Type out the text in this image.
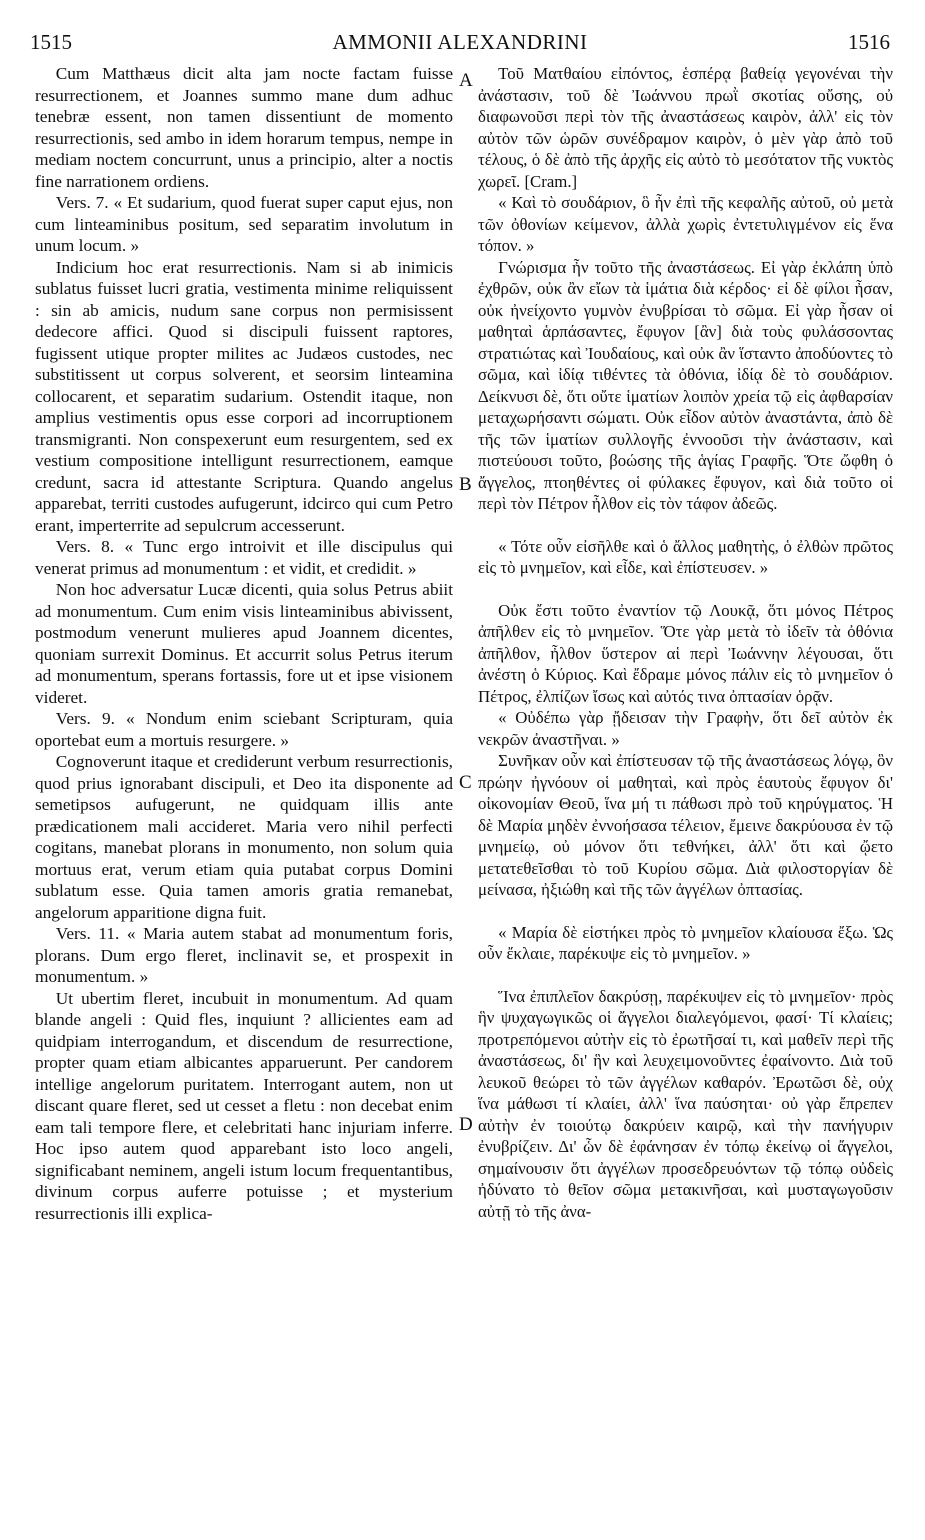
1515	AMMONII ALEXANDRINI	1516
A
B
C
D

Cum Matthæus dicit alta jam nocte factam fuisse resurrectionem, et Joannes summo mane dum adhuc tenebræ essent, non tamen dissentiunt de momento resurrectionis, sed ambo in idem horarum tempus, nempe in mediam noctem concurrunt, unus a principio, alter a noctis fine narrationem ordiens.

Vers. 7. « Et sudarium, quod fuerat super caput ejus, non cum linteaminibus positum, sed separatim involutum in unum locum. »

Indicium hoc erat resurrectionis. Nam si ab inimicis sublatus fuisset lucri gratia, vestimenta minime reliquissent : sin ab amicis, nudum sane corpus non permisissent dedecore affici. Quod si discipuli fuissent raptores, fugissent utique propter milites ac Judæos custodes, nec substitissent ut corpus solverent, et seorsim linteamina collocarent, et separatim sudarium. Ostendit itaque, non amplius vestimentis opus esse corpori ad incorruptionem transmigranti. Non conspexerunt eum resurgentem, sed ex vestium compositione intelligunt resurrectionem, eamque credunt, sacra id attestante Scriptura. Quando angelus apparebat, territi custodes aufugerunt, idcirco qui cum Petro erant, imperterrite ad sepulcrum accesserunt.

Vers. 8. « Tunc ergo introivit et ille discipulus qui venerat primus ad monumentum : et vidit, et credidit. »

Non hoc adversatur Lucæ dicenti, quia solus Petrus abiit ad monumentum. Cum enim visis linteaminibus abivissent, postmodum venerunt mulieres apud Joannem dicentes, quoniam surrexit Dominus. Et accurrit solus Petrus iterum ad monumentum, sperans fortassis, fore ut et ipse visionem videret.

Vers. 9. « Nondum enim sciebant Scripturam, quia oportebat eum a mortuis resurgere. »

Cognoverunt itaque et crediderunt verbum resurrectionis, quod prius ignorabant discipuli, et Deo ita disponente ad semetipsos aufugerunt, ne quidquam illis ante prædicationem mali accideret. Maria vero nihil perfecti cogitans, manebat plorans in monumento, non solum quia mortuus erat, verum etiam quia putabat corpus Domini sublatum esse. Quia tamen amoris gratia remanebat, angelorum apparitione digna fuit.

Vers. 11. « Maria autem stabat ad monumentum foris, plorans. Dum ergo fleret, inclinavit se, et prospexit in monumentum. »

Ut ubertim fleret, incubuit in monumentum. Ad quam blande angeli : Quid fles, inquiunt ? allicientes eam ad quidpiam interrogandum, et discendum de resurrectione, propter quam etiam albicantes apparuerunt. Per candorem intellige angelorum puritatem. Interrogant autem, non ut discant quare fleret, sed ut cesset a fletu : non decebat enim eam tali tempore flere, et celebritati hanc injuriam inferre. Hoc ipso autem quod apparebant isto loco angeli, significabant neminem, angeli istum locum frequentantibus, divinum corpus auferre potuisse ; et mysterium resurrectionis illi explica-

Τοῦ Ματθαίου εἰπόντος, ἑσπέρᾳ βαθείᾳ γεγονέναι τὴν ἀνάστασιν, τοῦ δὲ Ἰωάννου πρωῒ σκοτίας οὔσης, οὐ διαφωνοῦσι περὶ τὸν τῆς ἀναστάσεως καιρὸν, ἀλλ' εἰς τὸν αὐτὸν τῶν ὡρῶν συνέδραμον καιρὸν, ὁ μὲν γὰρ ἀπὸ τοῦ τέλους, ὁ δὲ ἀπὸ τῆς ἀρχῆς εἰς αὐτὸ τὸ μεσότατον τῆς νυκτὸς χωρεῖ. [Cram.]

« Καὶ τὸ σουδάριον, ὃ ἦν ἐπὶ τῆς κεφαλῆς αὐτοῦ, οὐ μετὰ τῶν ὀθονίων κείμενον, ἀλλὰ χωρὶς ἐντετυλιγμένον εἰς ἕνα τόπον. »

Γνώρισμα ἦν τοῦτο τῆς ἀναστάσεως. Εἰ γὰρ ἐκλάπη ὑπὸ ἐχθρῶν, οὐκ ἂν εἴων τὰ ἱμάτια διὰ κέρδος· εἰ δὲ φίλοι ἦσαν, οὐκ ἠνείχοντο γυμνὸν ἐνυβρίσαι τὸ σῶμα. Εἰ γὰρ ἦσαν οἱ μαθηταὶ ἁρπάσαντες, ἔφυγον [ἂν] διὰ τοὺς φυλάσσοντας στρατιώτας καὶ Ἰουδαίους, καὶ οὐκ ἂν ἵσταντο ἀποδύοντες τὸ σῶμα, καὶ ἰδίᾳ τιθέντες τὰ ὀθόνια, ἰδίᾳ δὲ τὸ σουδάριον. Δείκνυσι δὲ, ὅτι οὔτε ἱματίων λοιπὸν χρεία τῷ εἰς ἀφθαρσίαν μεταχωρήσαντι σώματι. Οὐκ εἶδον αὐτὸν ἀναστάντα, ἀπὸ δὲ τῆς τῶν ἱματίων συλλογῆς ἐννοοῦσι τὴν ἀνάστασιν, καὶ πιστεύουσι τοῦτο, βοώσης τῆς ἁγίας Γραφῆς. Ὅτε ὤφθη ὁ ἄγγελος, πτοηθέντες οἱ φύλακες ἔφυγον, καὶ διὰ τοῦτο οἱ περὶ τὸν Πέτρον ἦλθον εἰς τὸν τάφον ἀδεῶς.

« Τότε οὖν εἰσῆλθε καὶ ὁ ἄλλος μαθητὴς, ὁ ἐλθὼν πρῶτος εἰς τὸ μνημεῖον, καὶ εἶδε, καὶ ἐπίστευσεν. »

Οὐκ ἔστι τοῦτο ἐναντίον τῷ Λουκᾷ, ὅτι μόνος Πέτρος ἀπῆλθεν εἰς τὸ μνημεῖον. Ὅτε γὰρ μετὰ τὸ ἰδεῖν τὰ ὀθόνια ἀπῆλθον, ἦλθον ὕστερον αἱ περὶ Ἰωάννην λέγουσαι, ὅτι ἀνέστη ὁ Κύριος. Καὶ ἔδραμε μόνος πάλιν εἰς τὸ μνημεῖον ὁ Πέτρος, ἐλπίζων ἴσως καὶ αὐτός τινα ὀπτασίαν ὁρᾷν.

« Οὐδέπω γὰρ ᾔδεισαν τὴν Γραφὴν, ὅτι δεῖ αὐτὸν ἐκ νεκρῶν ἀναστῆναι. »

Συνῆκαν οὖν καὶ ἐπίστευσαν τῷ τῆς ἀναστάσεως λόγῳ, ὃν πρώην ἠγνόουν οἱ μαθηταὶ, καὶ πρὸς ἑαυτοὺς ἔφυγον δι' οἰκονομίαν Θεοῦ, ἵνα μή τι πάθωσι πρὸ τοῦ κηρύγματος. Ἡ δὲ Μαρία μηδὲν ἐννοήσασα τέλειον, ἔμεινε δακρύουσα ἐν τῷ μνημείῳ, οὐ μόνον ὅτι τεθνήκει, ἀλλ' ὅτι καὶ ᾤετο μετατεθεῖσθαι τὸ τοῦ Κυρίου σῶμα. Διὰ φιλοστοργίαν δὲ μείνασα, ἠξιώθη καὶ τῆς τῶν ἀγγέλων ὀπτασίας.

« Μαρία δὲ εἱστήκει πρὸς τὸ μνημεῖον κλαίουσα ἔξω. Ὡς οὖν ἔκλαιε, παρέκυψε εἰς τὸ μνημεῖον. »

Ἵνα ἐπιπλεῖον δακρύσῃ, παρέκυψεν εἰς τὸ μνημεῖον· πρὸς ἣν ψυχαγωγικῶς οἱ ἄγγελοι διαλεγόμενοι, φασί· Τί κλαίεις; προτρεπόμενοι αὐτὴν εἰς τὸ ἐρωτῆσαί τι, καὶ μαθεῖν περὶ τῆς ἀναστάσεως, δι' ἣν καὶ λευχειμονοῦντες ἐφαίνοντο. Διὰ τοῦ λευκοῦ θεώρει τὸ τῶν ἀγγέλων καθαρόν. Ἐρωτῶσι δὲ, οὐχ ἵνα μάθωσι τί κλαίει, ἀλλ' ἵνα παύσηται· οὐ γὰρ ἔπρεπεν αὐτὴν ἐν τοιούτῳ δακρύειν καιρῷ, καὶ τὴν πανήγυριν ἐνυβρίζειν. Δι' ὧν δὲ ἐφάνησαν ἐν τόπῳ ἐκείνῳ οἱ ἄγγελοι, σημαίνουσιν ὅτι ἀγγέλων προσεδρευόντων τῷ τόπῳ οὐδεὶς ἠδύνατο τὸ θεῖον σῶμα μετακινῆσαι, καὶ μυσταγωγοῦσιν αὐτῇ τὸ τῆς ἀνα-
